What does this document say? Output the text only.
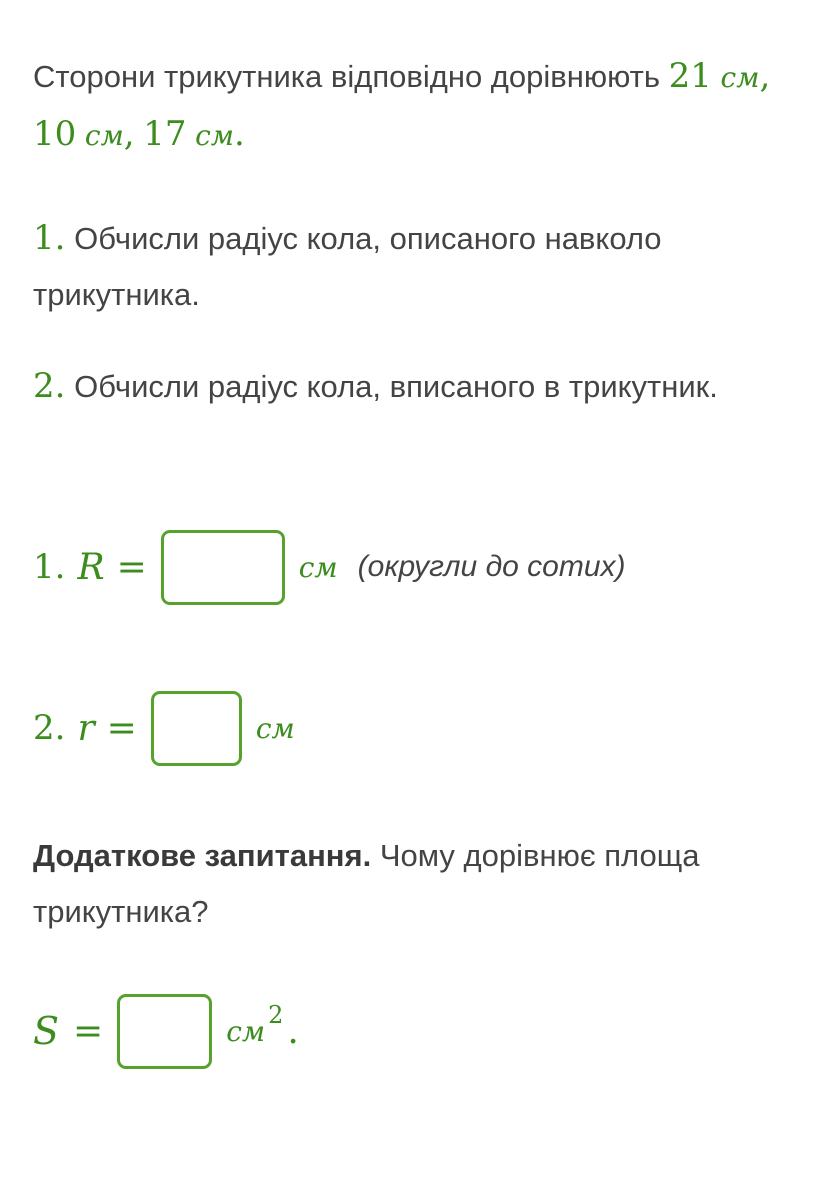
Сторони трикутника відповідно дорівнюють 21 см,
10 см, 17 см.
1. Обчисли радіус кола, описаного навколо трикутника.
2. Обчисли радіус кола, вписаного в трикутник.
1. R =	см (округли до сотих)
2. r =	см
Додаткове запитання. Чому дорівнює площа трикутника?
S =	см 2 .
